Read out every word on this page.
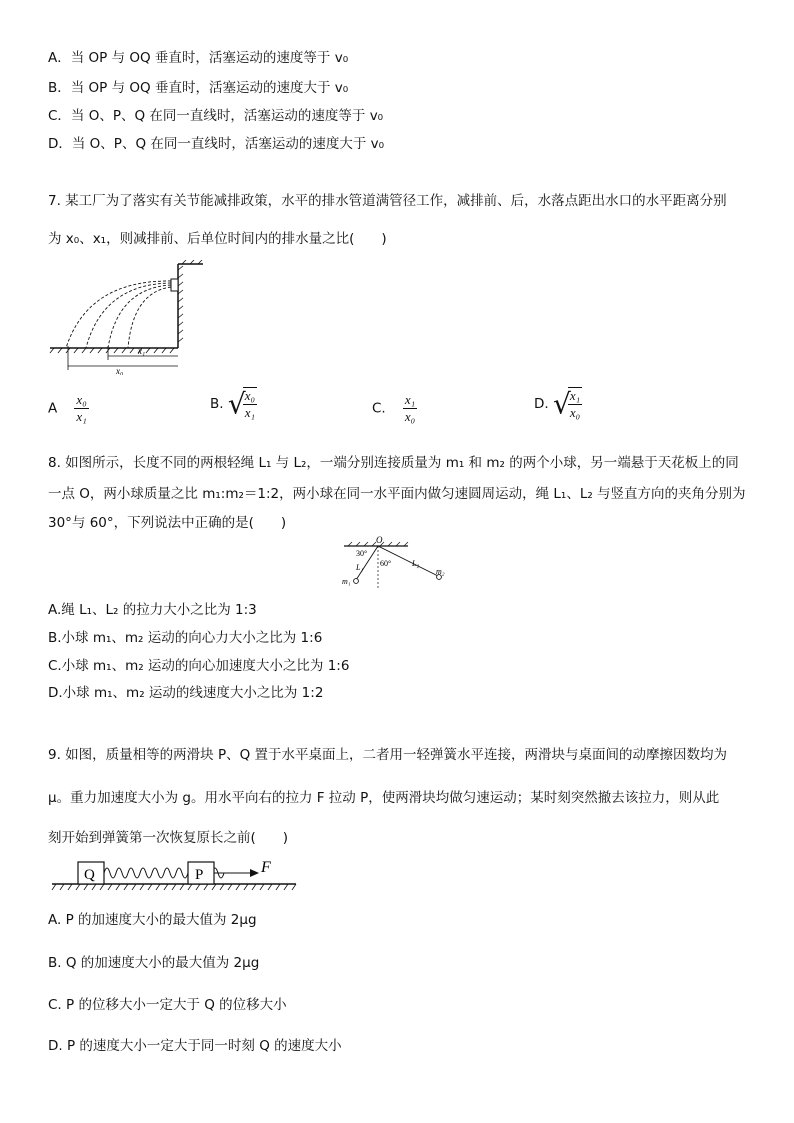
A．当 OP 与 OQ 垂直时，活塞运动的速度等于 v₀
B．当 OP 与 OQ 垂直时，活塞运动的速度大于 v₀
C．当 O、P、Q 在同一直线时，活塞运动的速度等于 v₀
D．当 O、P、Q 在同一直线时，活塞运动的速度大于 v₀
7. 某工厂为了落实有关节能减排政策，水平的排水管道满管径工作，减排前、后，水落点距出水口的水平距离分别
为 x₀、x₁，则减排前、后单位时间内的排水量之比(　　)
x₁
x₀
A $\frac{\text{x₀}}{\text{x₁}}$	B. √
$\frac{\text{x₀}}{\text{x₁}}$	C. $\frac{\text{x₁}}{\text{x₀}}$	D. √
$\frac{\text{x₁}}{\text{x₀}}$
8. 如图所示，长度不同的两根轻绳 L₁ 与 L₂，一端分别连接质量为 m₁ 和 m₂ 的两个小球，另一端悬于天花板上的同
一点 O，两小球质量之比 m₁:m₂＝1:2，两小球在同一水平面内做匀速圆周运动，绳 L₁、L₂ 与竖直方向的夹角分别为
30°与 60°，下列说法中正确的是(　　)
O
30°
60°
L₁	L₂
m₁
m₂
A.绳 L₁、L₂ 的拉力大小之比为 1:3
B.小球 m₁、m₂ 运动的向心力大小之比为 1:6
C.小球 m₁、m₂ 运动的向心加速度大小之比为 1:6
D.小球 m₁、m₂ 运动的线速度大小之比为 1:2
9. 如图，质量相等的两滑块 P、Q 置于水平桌面上，二者用一轻弹簧水平连接，两滑块与桌面间的动摩擦因数均为
μ。重力加速度大小为 g。用水平向右的拉力 F 拉动 P，使两滑块均做匀速运动；某时刻突然撤去该拉力，则从此
刻开始到弹簧第一次恢复原长之前(　　)
Q	P	F
A. P 的加速度大小的最大值为 2μg
B. Q 的加速度大小的最大值为 2μg
C. P 的位移大小一定大于 Q 的位移大小
D. P 的速度大小一定大于同一时刻 Q 的速度大小
